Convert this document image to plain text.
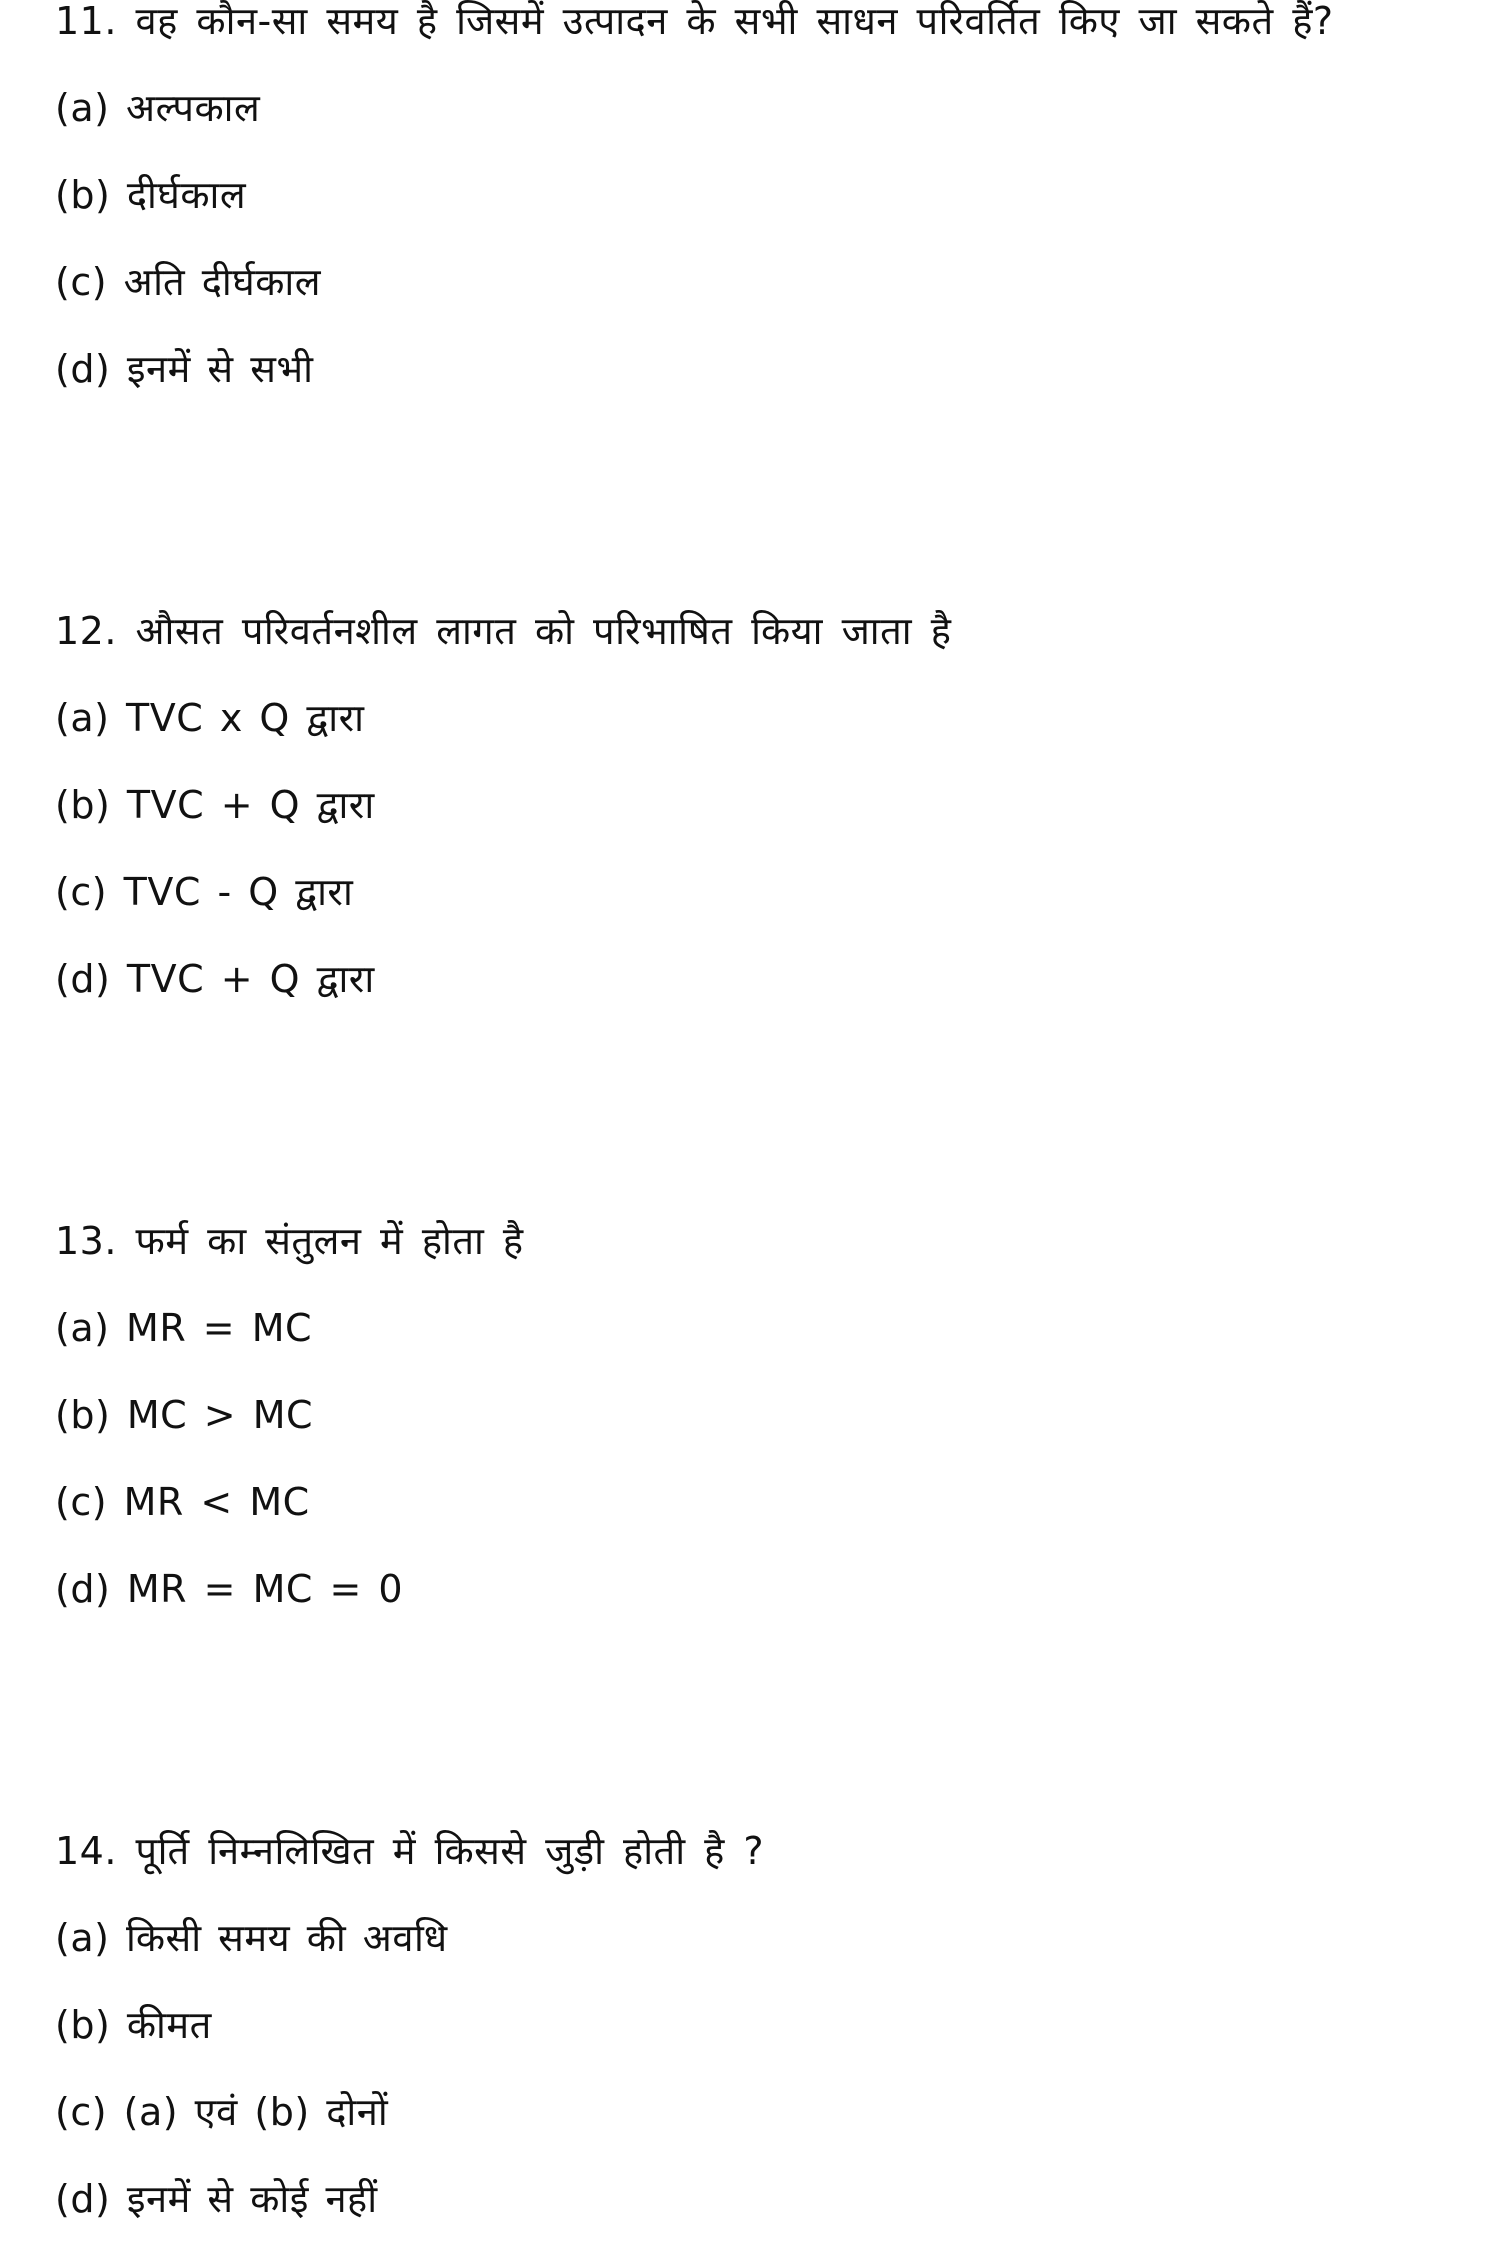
11. वह कौन-सा समय है जिसमें उत्पादन के सभी साधन परिवर्तित किए जा सकते हैं?
(a) अल्पकाल
(b) दीर्घकाल
(c) अति दीर्घकाल
(d) इनमें से सभी
12. औसत परिवर्तनशील लागत को परिभाषित किया जाता है
(a) TVC x Q द्वारा
(b) TVC + Q द्वारा
(c) TVC - Q द्वारा
(d) TVC + Q द्वारा
13. फर्म का संतुलन में होता है
(a) MR = MC
(b) MC > MC
(c) MR < MC
(d) MR = MC = 0
14. पूर्ति निम्नलिखित में किससे जुड़ी होती है ?
(a) किसी समय की अवधि
(b) कीमत
(c) (a) एवं (b) दोनों
(d) इनमें से कोई नहीं
